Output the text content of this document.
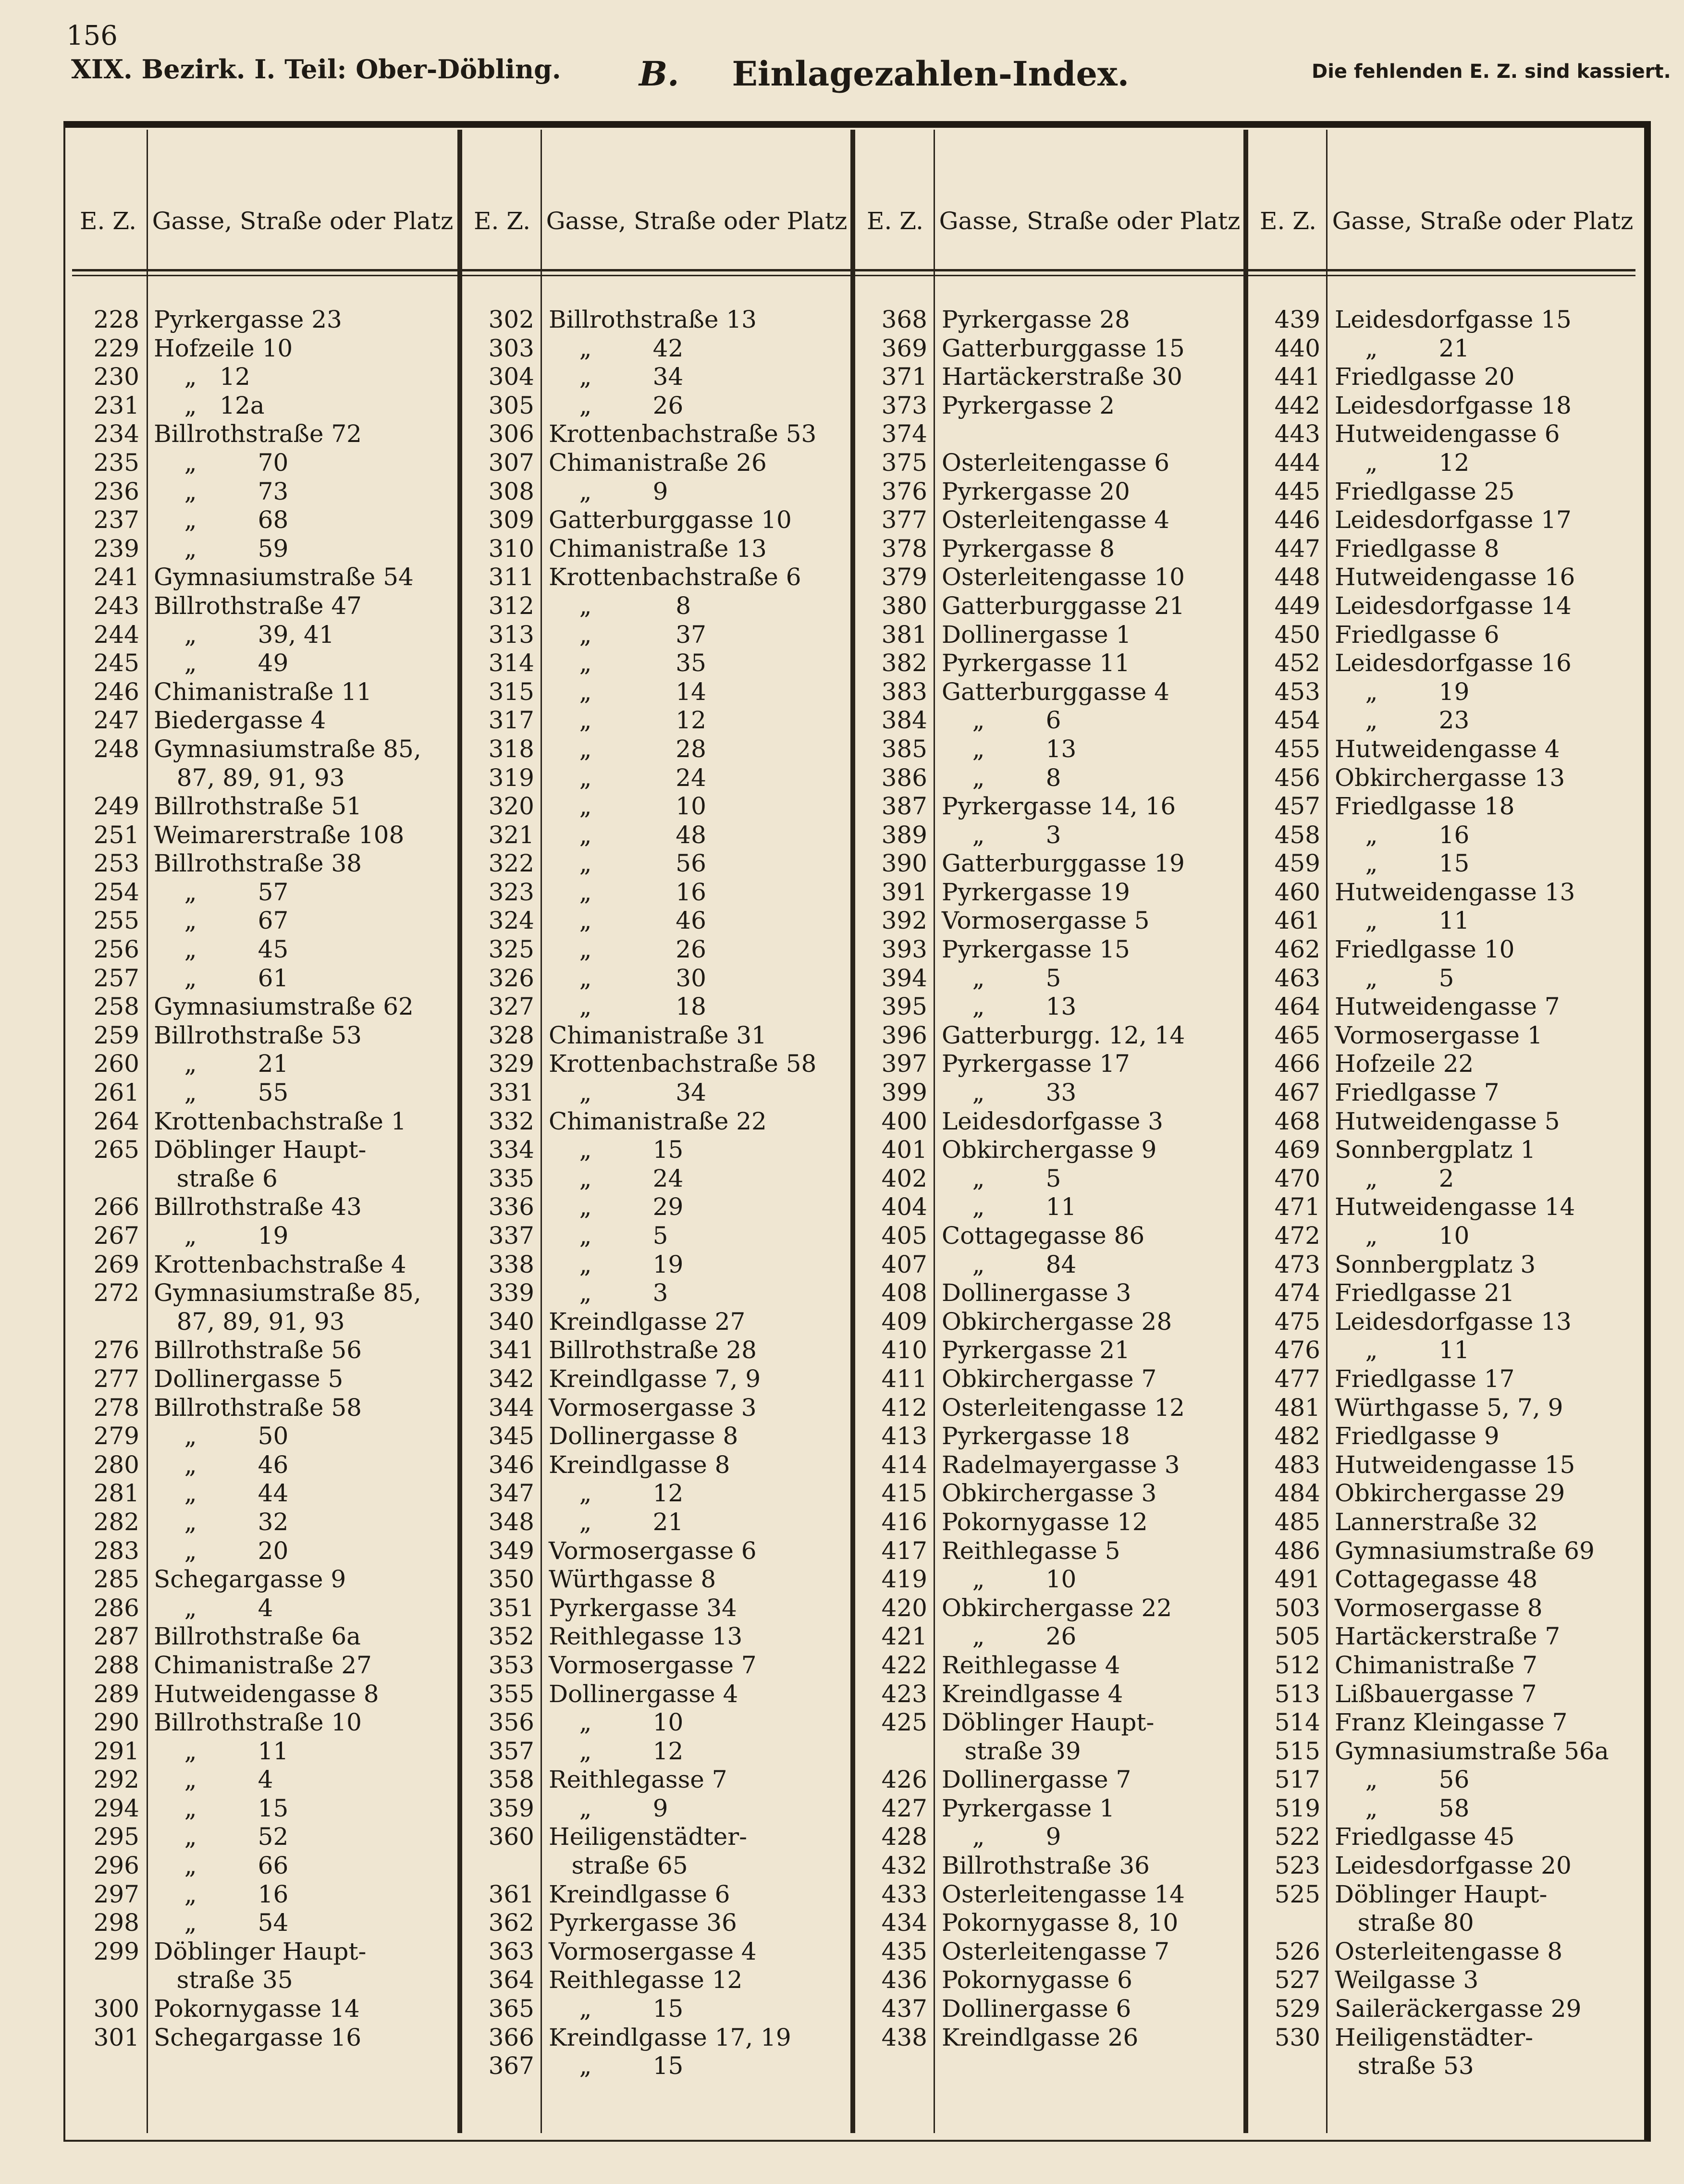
156
XIX. Bezirk. I. Teil: Ober-Döbling. B. Einlagezahlen-Index.	Die fehlenden E. Z. sind kassiert.
E. Z. Gasse, Straße oder Platz E. Z. Gasse, Straße oder Platz E. Z. Gasse, Straße oder Platz E. Z. Gasse, Straße oder Platz
228 Pyrkergasse 23
229 Hofzeile 10
230 „   12
231 „   12a
234 Billrothstraße 72
235 „        70
236 „        73
237 „        68
239 „        59
241 Gymnasiumstraße 54
243 Billrothstraße 47
244 „        39, 41
245 „        49
246 Chimanistraße 11
247 Biedergasse 4
248 Gymnasiumstraße 85,
87, 89, 91, 93
249 Billrothstraße 51
251 Weimarerstraße 108
253 Billrothstraße 38
254 „        57
255 „        67
256 „        45
257 „        61
258 Gymnasiumstraße 62
259 Billrothstraße 53
260 „        21
261 „        55
264 Krottenbachstraße 1
265 Döblinger Haupt-
straße 6
266 Billrothstraße 43
267 „        19
269 Krottenbachstraße 4
272 Gymnasiumstraße 85,
87, 89, 91, 93
276 Billrothstraße 56
277 Dollinergasse 5
278 Billrothstraße 58
279 „        50
280 „        46
281 „        44
282 „        32
283 „        20
285 Schegargasse 9
286 „        4
287 Billrothstraße 6a
288 Chimanistraße 27
289 Hutweidengasse 8
290 Billrothstraße 10
291 „        11
292 „        4
294 „        15
295 „        52
296 „        66
297 „        16
298 „        54
299 Döblinger Haupt-
straße 35
300 Pokornygasse 14
301 Schegargasse 16
302 Billrothstraße 13
303 „        42
304 „        34
305 „        26
306 Krottenbachstraße 53
307 Chimanistraße 26
308 „        9
309 Gatterburggasse 10
310 Chimanistraße 13
311 Krottenbachstraße 6
312 „           8
313 „           37
314 „           35
315 „           14
317 „           12
318 „           28
319 „           24
320 „           10
321 „           48
322 „           56
323 „           16
324 „           46
325 „           26
326 „           30
327 „           18
328 Chimanistraße 31
329 Krottenbachstraße 58
331 „           34
332 Chimanistraße 22
334 „        15
335 „        24
336 „        29
337 „        5
338 „        19
339 „        3
340 Kreindlgasse 27
341 Billrothstraße 28
342 Kreindlgasse 7, 9
344 Vormosergasse 3
345 Dollinergasse 8
346 Kreindlgasse 8
347 „        12
348 „        21
349 Vormosergasse 6
350 Würthgasse 8
351 Pyrkergasse 34
352 Reithlegasse 13
353 Vormosergasse 7
355 Dollinergasse 4
356 „        10
357 „        12
358 Reithlegasse 7
359 „        9
360 Heiligenstädter-
straße 65
361 Kreindlgasse 6
362 Pyrkergasse 36
363 Vormosergasse 4
364 Reithlegasse 12
365 „        15
366 Kreindlgasse 17, 19
367 „        15
368 Pyrkergasse 28
369 Gatterburggasse 15
371 Hartäckerstraße 30
373
374
Pyrkergasse 2
375 Osterleitengasse 6
376 Pyrkergasse 20
377 Osterleitengasse 4
378 Pyrkergasse 8
379 Osterleitengasse 10
380 Gatterburggasse 21
381 Dollinergasse 1
382 Pyrkergasse 11
383 Gatterburggasse 4
384 „        6
385 „        13
386 „        8
387 Pyrkergasse 14, 16
389 „        3
390 Gatterburggasse 19
391 Pyrkergasse 19
392 Vormosergasse 5
393 Pyrkergasse 15
394 „        5
395 „        13
396 Gatterburgg. 12, 14
397 Pyrkergasse 17
399 „        33
400 Leidesdorfgasse 3
401 Obkirchergasse 9
402 „        5
404 „        11
405 Cottagegasse 86
407 „        84
408 Dollinergasse 3
409 Obkirchergasse 28
410 Pyrkergasse 21
411 Obkirchergasse 7
412 Osterleitengasse 12
413 Pyrkergasse 18
414 Radelmayergasse 3
415 Obkirchergasse 3
416 Pokornygasse 12
417 Reithlegasse 5
419 „        10
420 Obkirchergasse 22
421 „        26
422 Reithlegasse 4
423 Kreindlgasse 4
425 Döblinger Haupt-
straße 39
426 Dollinergasse 7
427 Pyrkergasse 1
428 „        9
432 Billrothstraße 36
433 Osterleitengasse 14
434 Pokornygasse 8, 10
435 Osterleitengasse 7
436 Pokornygasse 6
437 Dollinergasse 6
438 Kreindlgasse 26
439 Leidesdorfgasse 15
440 „        21
441 Friedlgasse 20
442 Leidesdorfgasse 18
443 Hutweidengasse 6
444 „        12
445 Friedlgasse 25
446 Leidesdorfgasse 17
447 Friedlgasse 8
448 Hutweidengasse 16
449 Leidesdorfgasse 14
450 Friedlgasse 6
452 Leidesdorfgasse 16
453 „        19
454 „        23
455 Hutweidengasse 4
456 Obkirchergasse 13
457 Friedlgasse 18
458 „        16
459 „        15
460 Hutweidengasse 13
461 „        11
462 Friedlgasse 10
463 „        5
464 Hutweidengasse 7
465 Vormosergasse 1
466 Hofzeile 22
467 Friedlgasse 7
468 Hutweidengasse 5
469 Sonnbergplatz 1
470 „        2
471 Hutweidengasse 14
472 „        10
473 Sonnbergplatz 3
474 Friedlgasse 21
475 Leidesdorfgasse 13
476 „        11
477 Friedlgasse 17
481 Würthgasse 5, 7, 9
482 Friedlgasse 9
483 Hutweidengasse 15
484 Obkirchergasse 29
485 Lannerstraße 32
486 Gymnasiumstraße 69
491 Cottagegasse 48
503 Vormosergasse 8
505 Hartäckerstraße 7
512 Chimanistraße 7
513 Lißbauergasse 7
514 Franz Kleingasse 7
515 Gymnasiumstraße 56a
517 „        56
519 „        58
522 Friedlgasse 45
523 Leidesdorfgasse 20
525 Döblinger Haupt-
straße 80
526 Osterleitengasse 8
527 Weilgasse 3
529 Saileräckergasse 29
530 Heiligenstädter-
straße 53
